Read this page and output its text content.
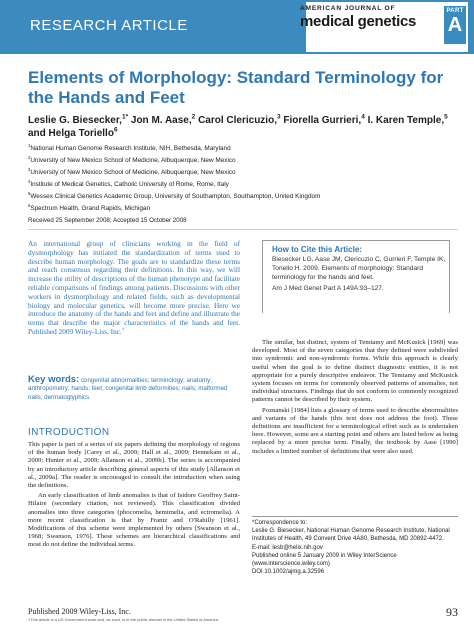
RESEARCH ARTICLE
Elements of Morphology: Standard Terminology for the Hands and Feet
Leslie G. Biesecker,$^{1*}$ Jon M. Aase,$^2$ Carol Clericuzio,$^3$ Fiorella Gurrieri,$^4$ I. Karen Temple,$^5$
and Helga Toriello$^6$
$^1$National Human Genome Research Institute, NIH, Bethesda, Maryland
$^2$University of New Mexico School of Medicine, Albuquerque, New Mexico
$^3$University of New Mexico School of Medicine, Albuquerque, New Mexico
$^4$Institute of Medical Genetics, Catholic University of Rome, Rome, Italy
$^5$Wessex Clinical Genetics Academic Group, University of Southampton, Southampton, United Kingdom
$^6$Spectrum Health, Grand Rapids, Michigan
Received 25 September 2008; Accepted 15 October 2008
An international group of clinicians working in the field of dysmorphology has initiated the standardization of terms used to describe human morphology. The goals are to standardize these terms and reach consensus regarding their definitions. In this way, we will increase the utility of descriptions of the human phenotype and facilitate reliable comparisons of findings among patients. Discussions with other workers in dysmorphology and related fields, such as developmental biology and molecular genetics, will become more precise. Here we introduce the anatomy of the hands and feet and define and illustrate the terms that describe the major characteristics of the hands and feet. Published 2009 Wiley-Liss, Inc.†
Key words: congenital abnormalities; terminology; anatomy; anthropometry; hands; feet; congenital limb deformities; nails; malformed nails; dermatoglyphics
How to Cite this Article:
Biesecker LG, Aase JM, Clericuzio C, Gurrieri F, Temple IK, Toriello H. 2009. Elements of morphology: Standard terminology for the hands and feet.
Am J Med Genet Part A 149A:93–127.

The similar, but distinct, system of Temtamy and McKusick [1969] was developed. Most of the seven categories that they defined were subdivided into syndromic and non-syndromic forms. While this approach is clearly useful when the goal is to define distinct diagnostic entities, it is not appropriate for a purely descriptive endeavor. The Temtamy and McKusick system focuses on terms for commonly observed patterns of anomalies, not individual structures. Findings that do not conform to commonly recognized patterns cannot be described by their system.

Poznanski [1984] lists a glossary of terms used to describe abnormalities and variants of the hands (this text does not address the foot). These definitions are insufficient for a terminological effort such as is undertaken here. However, some are a starting point and others are listed below as being replaced by a more precise term. Finally, the textbook by Aase [1990] includes a limited number of definitions that were also used.

INTRODUCTION

This paper is part of a series of six papers defining the morphology of regions of the human body [Carey et al., 2009; Hall et al., 2009; Hennekam et al., 2009; Hunter et al., 2009; Allanson et al., 2009b]. The series is accompanied by an introductory article describing general aspects of this study [Allanson et al., 2009a]. The reader is encouraged to consult the introduction when using the definitions.

An early classification of limb anomalies is that of Isidore Geoffrey Saint-Hilaire (secondary citation, not reviewed). This classification divided anomalies into three categories (phocomelia, hemimelia, and ectromelia). A more recent classification is that by Frantz and O'Rahilly [1961]. Modifications of this scheme were implemented by others [Swanson et al., 1968; Swanson, 1976]. These schemes are hierarchical classifications and most do not define the individual terms.

*Correspondence to:
Leslie G. Biesecker, National Human Genome Research Institute, National Institutes of Health, 49 Convent Drive 4A80, Bethesda, MD 20892-4472.
E-mail: lesb@helix.nih.gov
Published online 5 January 2009 in Wiley InterScience
(www.interscience.wiley.com)
DOI 10.1002/ajmg.a.32596
Published 2009 Wiley-Liss, Inc.
†This article is a US Government work and, as such, is in the public domain in the United States of America.
93
AMERICAN JOURNAL OF
medical genetics
PART
A
